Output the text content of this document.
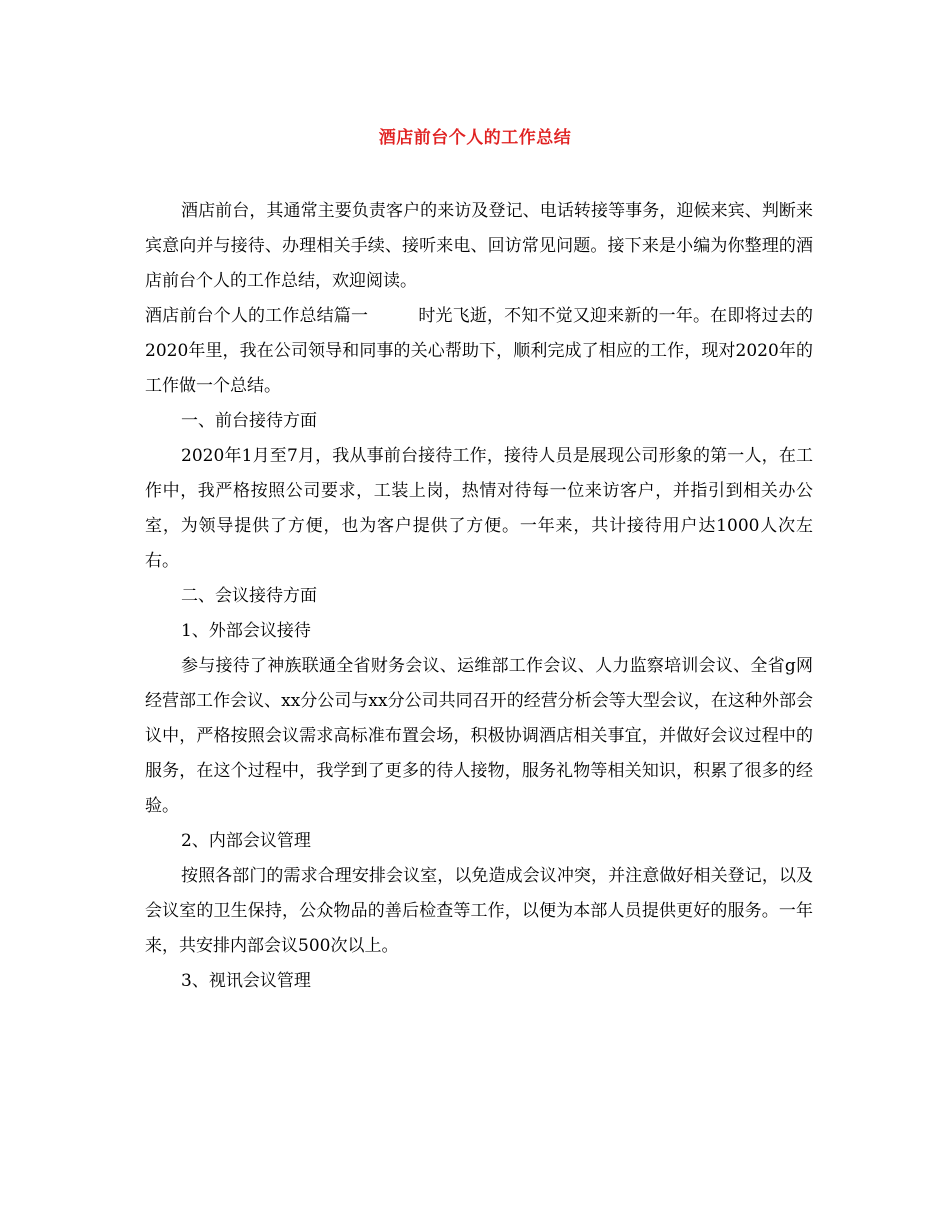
酒店前台个人的工作总结

酒店前台，其通常主要负责客户的来访及登记、电话转接等事务，迎候来宾、判断来宾意向并与接待、办理相关手续、接听来电、回访常见问题。接下来是小编为你整理的酒店前台个人的工作总结，欢迎阅读。

酒店前台个人的工作总结篇一	时光飞逝，不知不觉又迎来新的一年。在即将过去的2020年里，我在公司领导和同事的关心帮助下，顺利完成了相应的工作，现对2020年的工作做一个总结。

一、前台接待方面

2020年1月至7月，我从事前台接待工作，接待人员是展现公司形象的第一人，在工作中，我严格按照公司要求，工装上岗，热情对待每一位来访客户，并指引到相关办公室，为领导提供了方便，也为客户提供了方便。一年来，共计接待用户达1000人次左右。

二、会议接待方面

1、外部会议接待

参与接待了神族联通全省财务会议、运维部工作会议、人力监察培训会议、全省g网经营部工作会议、xx分公司与xx分公司共同召开的经营分析会等大型会议，在这种外部会议中，严格按照会议需求高标准布置会场，积极协调酒店相关事宜，并做好会议过程中的服务，在这个过程中，我学到了更多的待人接物，服务礼物等相关知识，积累了很多的经验。

2、内部会议管理

按照各部门的需求合理安排会议室，以免造成会议冲突，并注意做好相关登记，以及会议室的卫生保持，公众物品的善后检查等工作，以便为本部人员提供更好的服务。一年来，共安排内部会议500次以上。

3、视讯会议管理
